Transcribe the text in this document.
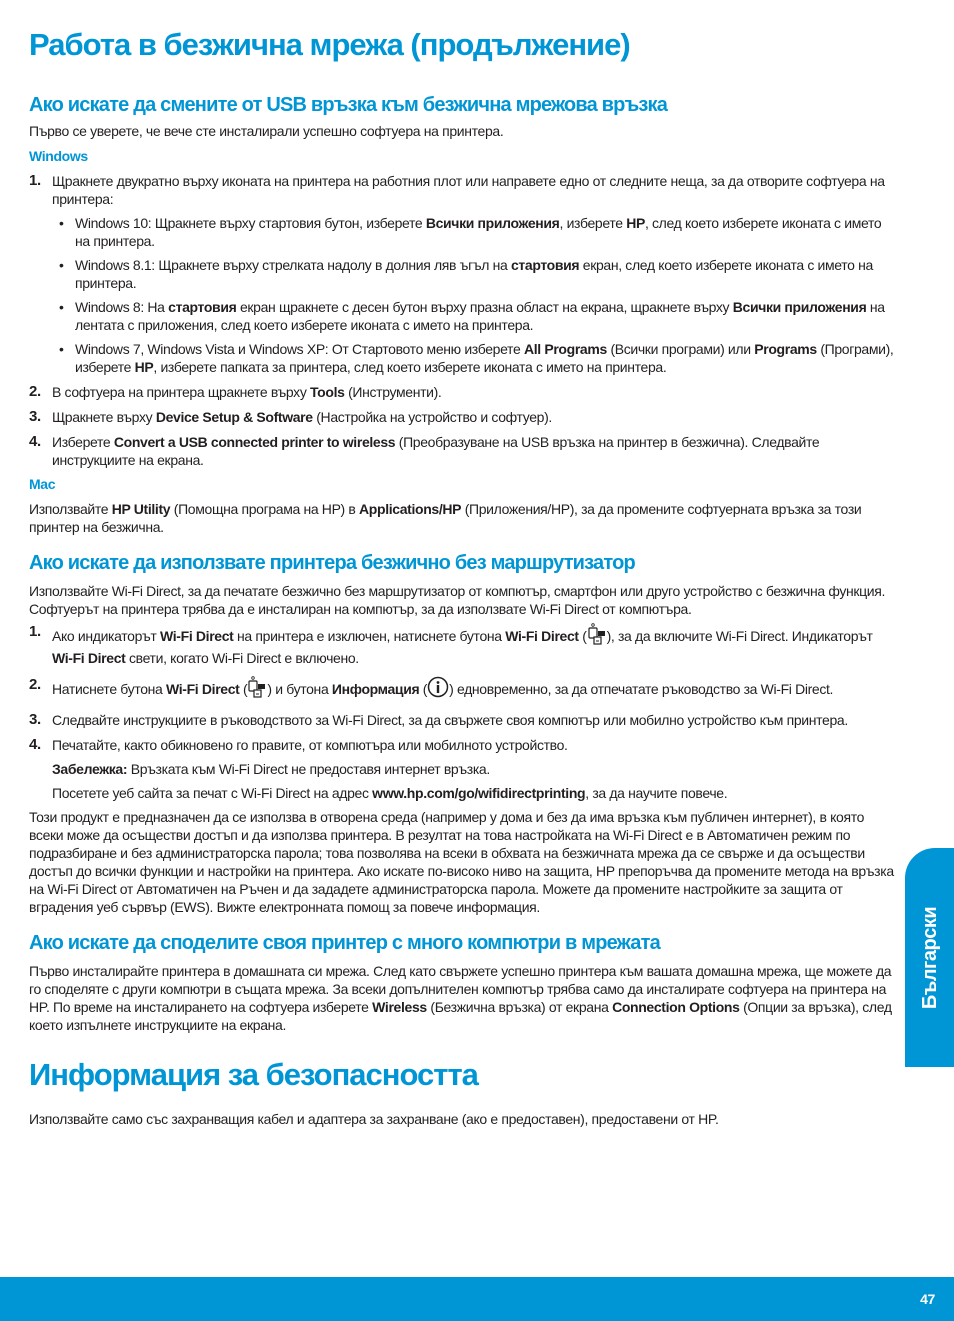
Работа в безжична мрежа (продължение)
Ако искате да смените от USB връзка към безжична мрежова връзка

Първо се уверете, че вече сте инсталирали успешно софтуера на принтера.

Windows
1. Щракнете двукратно върху иконата на принтера на работния плот или направете едно от следните неща, за да отворите софтуера на принтера:
• Windows 10: Щракнете върху стартовия бутон, изберете Всички приложения, изберете HP, след което изберете иконата с името на принтера.
• Windows 8.1: Щракнете върху стрелката надолу в долния ляв ъгъл на стартовия екран, след което изберете иконата с името на принтера.
• Windows 8: На стартовия екран щракнете с десен бутон върху празна област на екрана, щракнете върху Всички приложения на лентата с приложения, след което изберете иконата с името на принтера.
• Windows 7, Windows Vista и Windows XP: От Стартовото меню изберете All Programs (Всички програми) или Programs (Програми), изберете HP, изберете папката за принтера, след което изберете иконата с името на принтера.
2. В софтуера на принтера щракнете върху Tools (Инструменти).
3. Щракнете върху Device Setup & Software (Настройка на устройство и софтуер).
4. Изберете Convert a USB connected printer to wireless (Преобразуване на USB връзка на принтер в безжична). Следвайте инструкциите на екрана.
Mac

Използвайте HP Utility (Помощна програма на HP) в Applications/HP (Приложения/HP), за да промените софтуерната връзка за този принтер на безжична.

Ако искате да използвате принтера безжично без маршрутизатор

Използвайте Wi-Fi Direct, за да печатате безжично без маршрутизатор от компютър, смартфон или друго устройство с безжична функция. Софтуерът на принтера трябва да е инсталиран на компютър, за да използвате Wi-Fi Direct от компютъра.

1. Ако индикаторът Wi-Fi Direct на принтера е изключен, натиснете бутона Wi-Fi Direct ( ), за да включите Wi-Fi Direct. Индикаторът Wi-Fi Direct свети, когато Wi-Fi Direct е включено.
2. Натиснете бутона Wi-Fi Direct ( ) и бутона Информация ( ) едновременно, за да отпечатате ръководство за Wi-Fi Direct.
3. Следвайте инструкциите в ръководството за Wi-Fi Direct, за да свържете своя компютър или мобилно устройство към принтера.
4. Печатайте, както обикновено го правите, от компютъра или мобилното устройство.

Забележка: Връзката към Wi-Fi Direct не предоставя интернет връзка.

Посетете уеб сайта за печат с Wi-Fi Direct на адрес www.hp.com/go/wifidirectprinting, за да научите повече.

Този продукт е предназначен да се използва в отворена среда (например у дома и без да има връзка към публичен интернет), в която всеки може да осъществи достъп и да използва принтера. В резултат на това настройката на Wi-Fi Direct е в Автоматичен режим по подразбиране и без администраторска парола; това позволява на всеки в обхвата на безжичната мрежа да се свърже и да осъществи достъп до всички функции и настройки на принтера. Ако искате по-високо ниво на защита, HP препоръчва да промените метода на връзка на Wi-Fi Direct от Автоматичен на Ръчен и да зададете администраторска парола. Можете да промените настройките за защита от вградения уеб сървър (EWS). Вижте електронната помощ за повече информация.

Ако искате да споделите своя принтер с много компютри в мрежата

Първо инсталирайте принтера в домашната си мрежа. След като свържете успешно принтера към вашата домашна мрежа, ще можете да го споделяте с други компютри в същата мрежа. За всеки допълнителен компютър трябва само да инсталирате софтуера на принтера на HP. По време на инсталирането на софтуера изберете Wireless (Безжична връзка) от екрана Connection Options (Опции за връзка), след което изпълнете инструкциите на екрана.

Информация за безопасността

Използвайте само със захранващия кабел и адаптера за захранване (ако е предоставен), предоставени от HP.

Български
47
